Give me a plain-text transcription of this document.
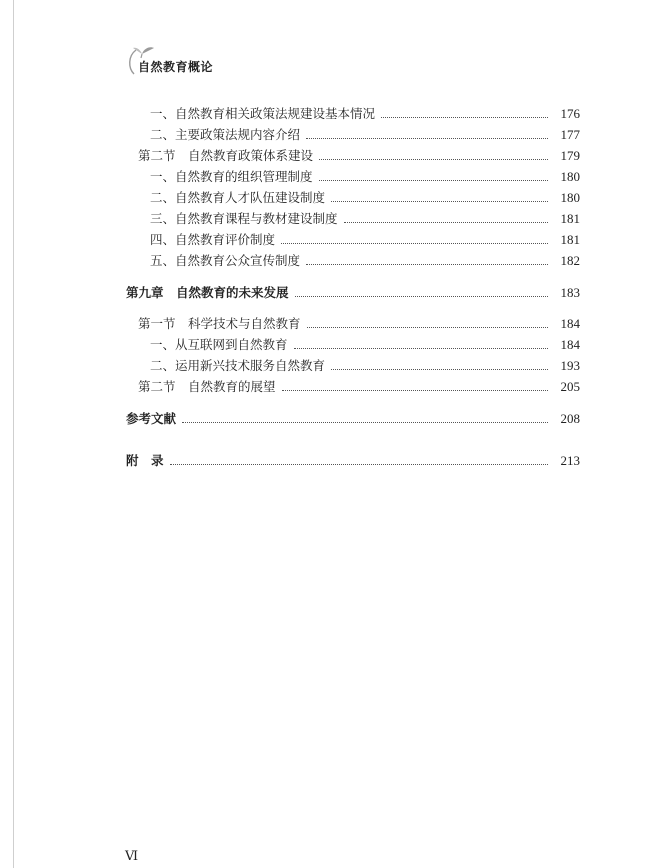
自然教育概论
一、自然教育相关政策法规建设基本情况	176
二、主要政策法规内容介绍	177
第二节　自然教育政策体系建设	179
一、自然教育的组织管理制度	180
二、自然教育人才队伍建设制度	180
三、自然教育课程与教材建设制度	181
四、自然教育评价制度	181
五、自然教育公众宣传制度	182
第九章　自然教育的未来发展	183
第一节　科学技术与自然教育	184
一、从互联网到自然教育	184
二、运用新兴技术服务自然教育	193
第二节　自然教育的展望	205
参考文献	208
附　录	213
Ⅵ
